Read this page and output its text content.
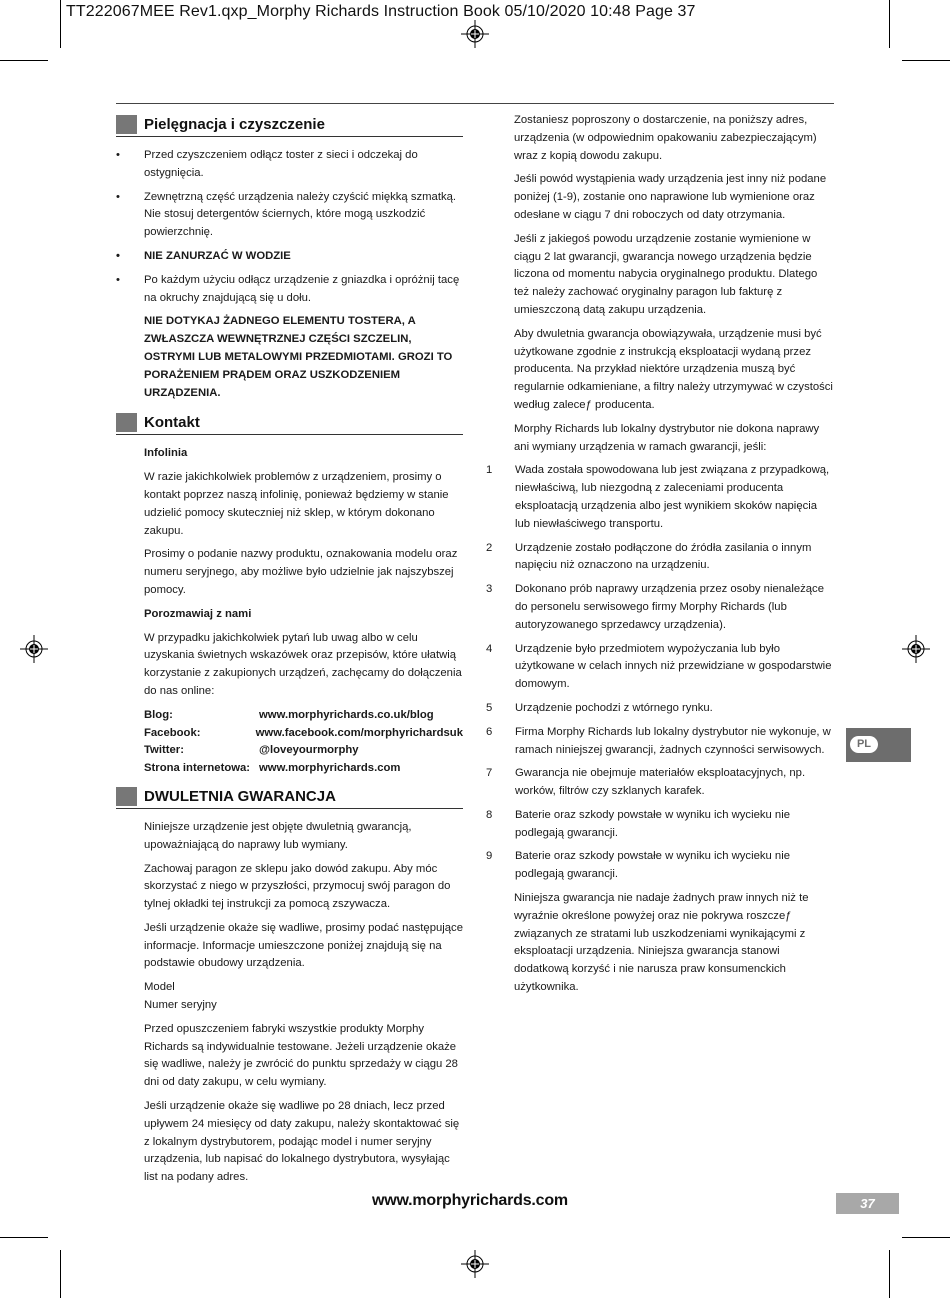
TT222067MEE Rev1.qxp_Morphy Richards Instruction Book 05/10/2020 10:48 Page 37
Pielęgnacja i czyszczenie
• Przed czyszczeniem odłącz toster z sieci i odczekaj do ostygnięcia.
• Zewnętrzną część urządzenia należy czyścić miękką szmatką. Nie stosuj detergentów ściernych, które mogą uszkodzić powierzchnię.
• NIE ZANURZAĆ W WODZIE
• Po każdym użyciu odłącz urządzenie z gniazdka i opróżnij tacę na okruchy znajdującą się u dołu.

NIE DOTYKAJ ŻADNEGO ELEMENTU TOSTERA, A ZWŁASZCZA WEWNĘTRZNEJ CZĘŚCI SZCZELIN, OSTRYMI LUB METALOWYMI PRZEDMIOTAMI. GROZI TO PORAŻENIEM PRĄDEM ORAZ USZKODZENIEM URZĄDZENIA.

Kontakt

Infolinia

W razie jakichkolwiek problemów z urządzeniem, prosimy o kontakt poprzez naszą infolinię, ponieważ będziemy w stanie udzielić pomocy skuteczniej niż sklep, w którym dokonano zakupu.

Prosimy o podanie nazwy produktu, oznakowania modelu oraz numeru seryjnego, aby możliwe było udzielnie jak najszybszej pomocy.

Porozmawiaj z nami

W przypadku jakichkolwiek pytań lub uwag albo w celu uzyskania świetnych wskazówek oraz przepisów, które ułatwią korzystanie z zakupionych urządzeń, zachęcamy do dołączenia do nas online:

Blog:	www.morphyrichards.co.uk/blog
Facebook:	www.facebook.com/morphyrichardsuk
Twitter:	@loveyourmorphy
Strona internetowa: www.morphyrichards.com
DWULETNIA GWARANCJA

Niniejsze urządzenie jest objęte dwuletnią gwarancją, upoważniającą do naprawy lub wymiany.

Zachowaj paragon ze sklepu jako dowód zakupu. Aby móc skorzystać z niego w przyszłości, przymocuj swój paragon do tylnej okładki tej instrukcji za pomocą zszywacza.

Jeśli urządzenie okaże się wadliwe, prosimy podać następujące informacje. Informacje umieszczone poniżej znajdują się na podstawie obudowy urządzenia.

Model

Numer seryjny

Przed opuszczeniem fabryki wszystkie produkty Morphy Richards są indywidualnie testowane. Jeżeli urządzenie okaże się wadliwe, należy je zwrócić do punktu sprzedaży w ciągu 28 dni od daty zakupu, w celu wymiany.

Jeśli urządzenie okaże się wadliwe po 28 dniach, lecz przed upływem 24 miesięcy od daty zakupu, należy skontaktować się z lokalnym dystrybutorem, podając model i numer seryjny urządzenia, lub napisać do lokalnego dystrybutora, wysyłając list na podany adres.

Zostaniesz poproszony o dostarczenie, na poniższy adres, urządzenia (w odpowiednim opakowaniu zabezpieczającym) wraz z kopią dowodu zakupu.

Jeśli powód wystąpienia wady urządzenia jest inny niż podane poniżej (1-9), zostanie ono naprawione lub wymienione oraz odesłane w ciągu 7 dni roboczych od daty otrzymania.

Jeśli z jakiegoś powodu urządzenie zostanie wymienione w ciągu 2 lat gwarancji, gwarancja nowego urządzenia będzie liczona od momentu nabycia oryginalnego produktu. Dlatego też należy zachować oryginalny paragon lub fakturę z umieszczoną datą zakupu urządzenia.

Aby dwuletnia gwarancja obowiązywała, urządzenie musi być użytkowane zgodnie z instrukcją eksploatacji wydaną przez producenta. Na przykład niektóre urządzenia muszą być regularnie odkamieniane, a filtry należy utrzymywać w czystości według zaleceƒ producenta.

Morphy Richards lub lokalny dystrybutor nie dokona naprawy ani wymiany urządzenia w ramach gwarancji, jeśli:

1 Wada została spowodowana lub jest związana z przypadkową, niewłaściwą, lub niezgodną z zaleceniami producenta eksploatacją urządzenia albo jest wynikiem skoków napięcia lub niewłaściwego transportu.
2 Urządzenie zostało podłączone do źródła zasilania o innym napięciu niż oznaczono na urządzeniu.
3 Dokonano prób naprawy urządzenia przez osoby nienależące do personelu serwisowego firmy Morphy Richards (lub autoryzowanego sprzedawcy urządzenia).
4 Urządzenie było przedmiotem wypożyczania lub było użytkowane w celach innych niż przewidziane w gospodarstwie domowym.
5 Urządzenie pochodzi z wtórnego rynku.
6 Firma Morphy Richards lub lokalny dystrybutor nie wykonuje, w ramach niniejszej gwarancji, żadnych czynności serwisowych.
7 Gwarancja nie obejmuje materiałów eksploatacyjnych, np. worków, filtrów czy szklanych karafek.
8 Baterie oraz szkody powstałe w wyniku ich wycieku nie podlegają gwarancji.
9 Baterie oraz szkody powstałe w wyniku ich wycieku nie podlegają gwarancji.

Niniejsza gwarancja nie nadaje żadnych praw innych niż te wyraźnie określone powyżej oraz nie pokrywa roszczeƒ związanych ze stratami lub uszkodzeniami wynikającymi z eksploatacji urządzenia. Niniejsza gwarancja stanowi dodatkową korzyść i nie narusza praw konsumenckich użytkownika.

PL
www.morphyrichards.com	37
